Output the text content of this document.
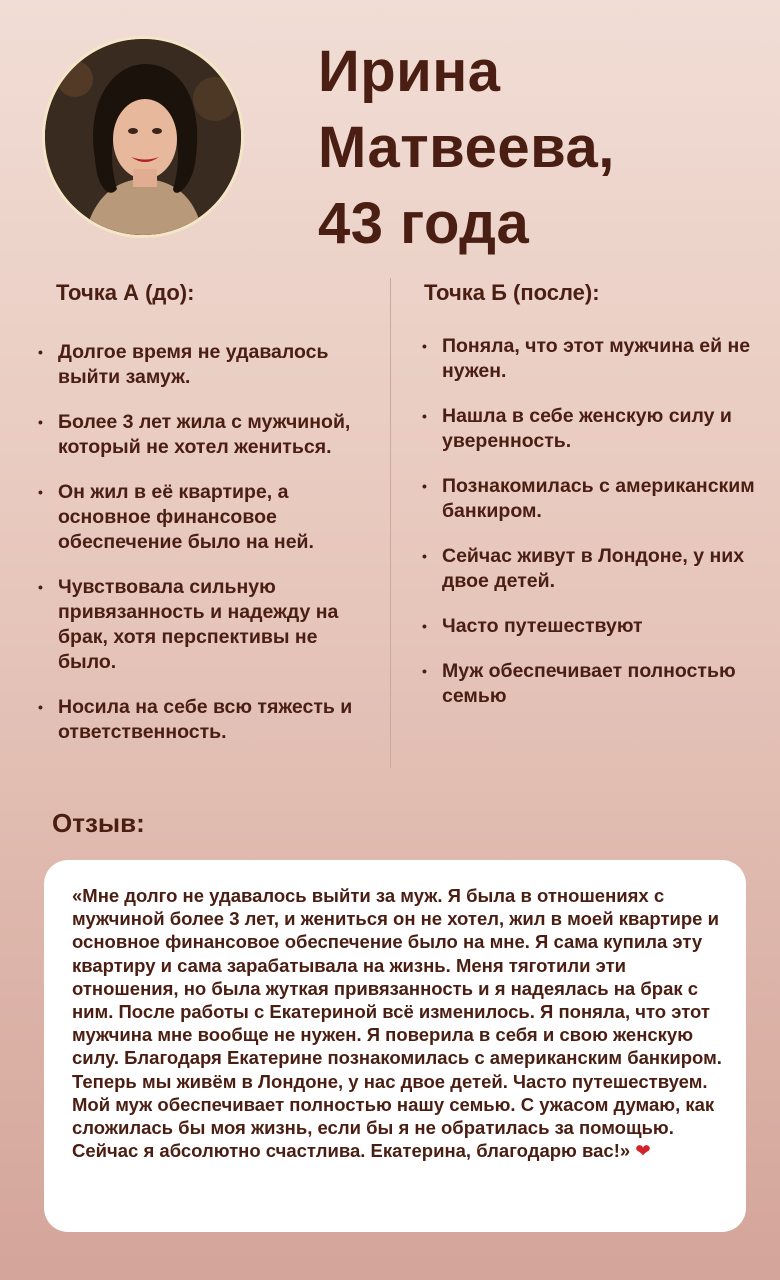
Ирина
Матвеева,
43 года
Точка А (до):	Точка Б (после):
• Долгое время не удавалось выйти замуж.
• Более 3 лет жила с мужчиной, который не хотел жениться.
• Он жил в её квартире, а основное финансовое обеспечение было на ней.
• Чувствовала сильную привязанность и надежду на брак, хотя перспективы не было.
• Носила на себе всю тяжесть и ответственность.
• Поняла, что этот мужчина ей не нужен.
• Нашла в себе женскую силу и уверенность.
• Познакомилась с американским банкиром.
• Сейчас живут в Лондоне, у них двое детей.
• Часто путешествуют
• Муж обеспечивает полностью семью
Отзыв:
«Мне долго не удавалось выйти за муж. Я была в отношениях с мужчиной более 3 лет, и жениться он не хотел, жил в моей квартире и основное финансовое обеспечение было на мне. Я сама купила эту квартиру и сама зарабатывала на жизнь. Меня тяготили эти отношения, но была жуткая привязанность и я надеялась на брак с ним. После работы с Екатериной всё изменилось. Я поняла, что этот мужчина мне вообще не нужен. Я поверила в себя и свою женскую силу. Благодаря Екатерине познакомилась с американским банкиром. Теперь мы живём в Лондоне, у нас двое детей. Часто путешествуем. Мой муж обеспечивает полностью нашу семью. С ужасом думаю, как сложилась бы моя жизнь, если бы я не обратилась за помощью. Сейчас я абсолютно счастлива. Екатерина, благодарю вас!» ❤
